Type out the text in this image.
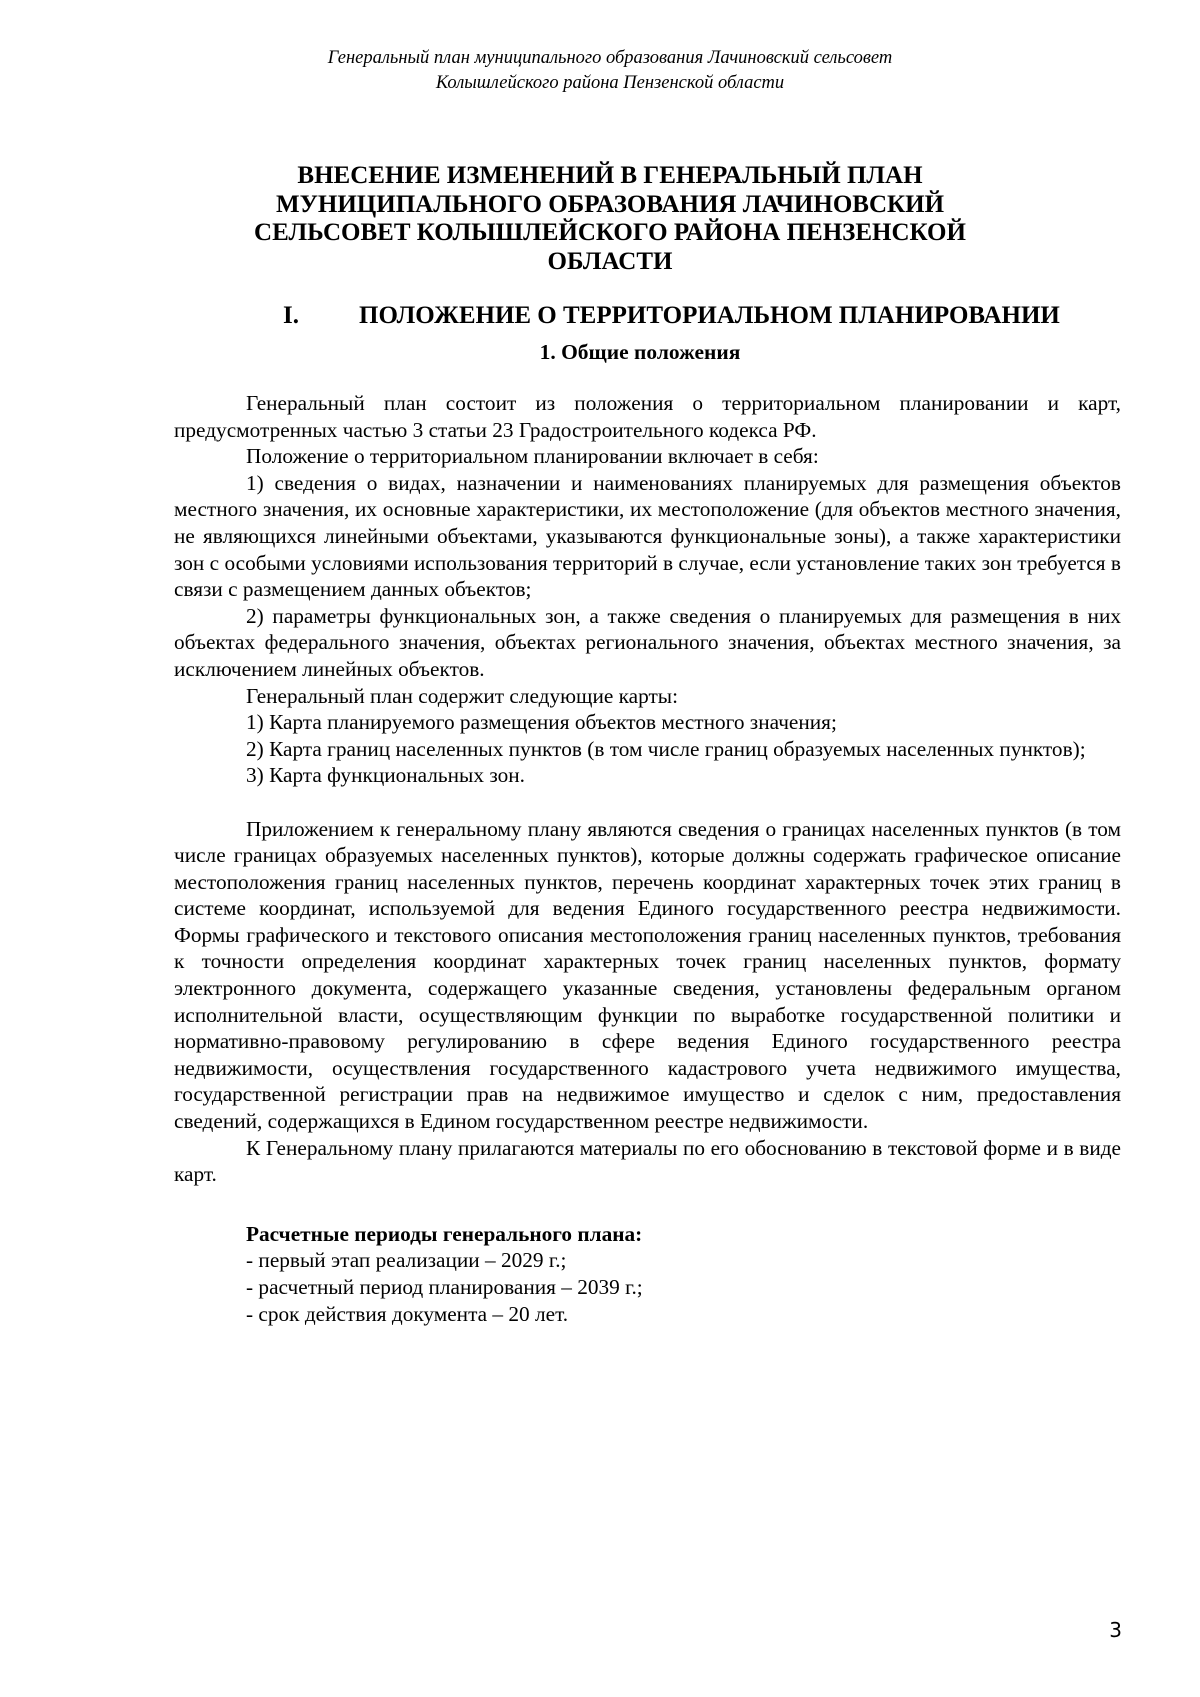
Генеральный план муниципального образования Лачиновский сельсовет
Колышлейского района Пензенской области
ВНЕСЕНИЕ ИЗМЕНЕНИЙ В ГЕНЕРАЛЬНЫЙ ПЛАН
МУНИЦИПАЛЬНОГО ОБРАЗОВАНИЯ ЛАЧИНОВСКИЙ
СЕЛЬСОВЕТ КОЛЫШЛЕЙСКОГО РАЙОНА ПЕНЗЕНСКОЙ
ОБЛАСТИ
I. ПОЛОЖЕНИЕ О ТЕРРИТОРИАЛЬНОМ ПЛАНИРОВАНИИ
1. Общие положения

Генеральный план состоит из положения о территориальном планировании и карт, предусмотренных частью 3 статьи 23 Градостроительного кодекса РФ.

Положение о территориальном планировании включает в себя:

1) сведения о видах, назначении и наименованиях планируемых для размещения объектов местного значения, их основные характеристики, их местоположение (для объектов местного значения, не являющихся линейными объектами, указываются функциональные зоны), а также характеристики зон с особыми условиями использования территорий в случае, если установление таких зон требуется в связи с размещением данных объектов;

2) параметры функциональных зон, а также сведения о планируемых для размещения в них объектах федерального значения, объектах регионального значения, объектах местного значения, за исключением линейных объектов.

Генеральный план содержит следующие карты:

1) Карта планируемого размещения объектов местного значения;

2) Карта границ населенных пунктов (в том числе границ образуемых населенных пунктов);

3) Карта функциональных зон.

Приложением к генеральному плану являются сведения о границах населенных пунктов (в том числе границах образуемых населенных пунктов), которые должны содержать графическое описание местоположения границ населенных пунктов, перечень координат характерных точек этих границ в системе координат, используемой для ведения Единого государственного реестра недвижимости. Формы графического и текстового описания местоположения границ населенных пунктов, требования к точности определения координат характерных точек границ населенных пунктов, формату электронного документа, содержащего указанные сведения, установлены федеральным органом исполнительной власти, осуществляющим функции по выработке государственной политики и нормативно-правовому регулированию в сфере ведения Единого государственного реестра недвижимости, осуществления государственного кадастрового учета недвижимого имущества, государственной регистрации прав на недвижимое имущество и сделок с ним, предоставления сведений, содержащихся в Едином государственном реестре недвижимости.

К Генеральному плану прилагаются материалы по его обоснованию в текстовой форме и в виде карт.

Расчетные периоды генерального плана:

- первый этап реализации – 2029 г.;

- расчетный период планирования – 2039 г.;

- срок действия документа – 20 лет.

3
